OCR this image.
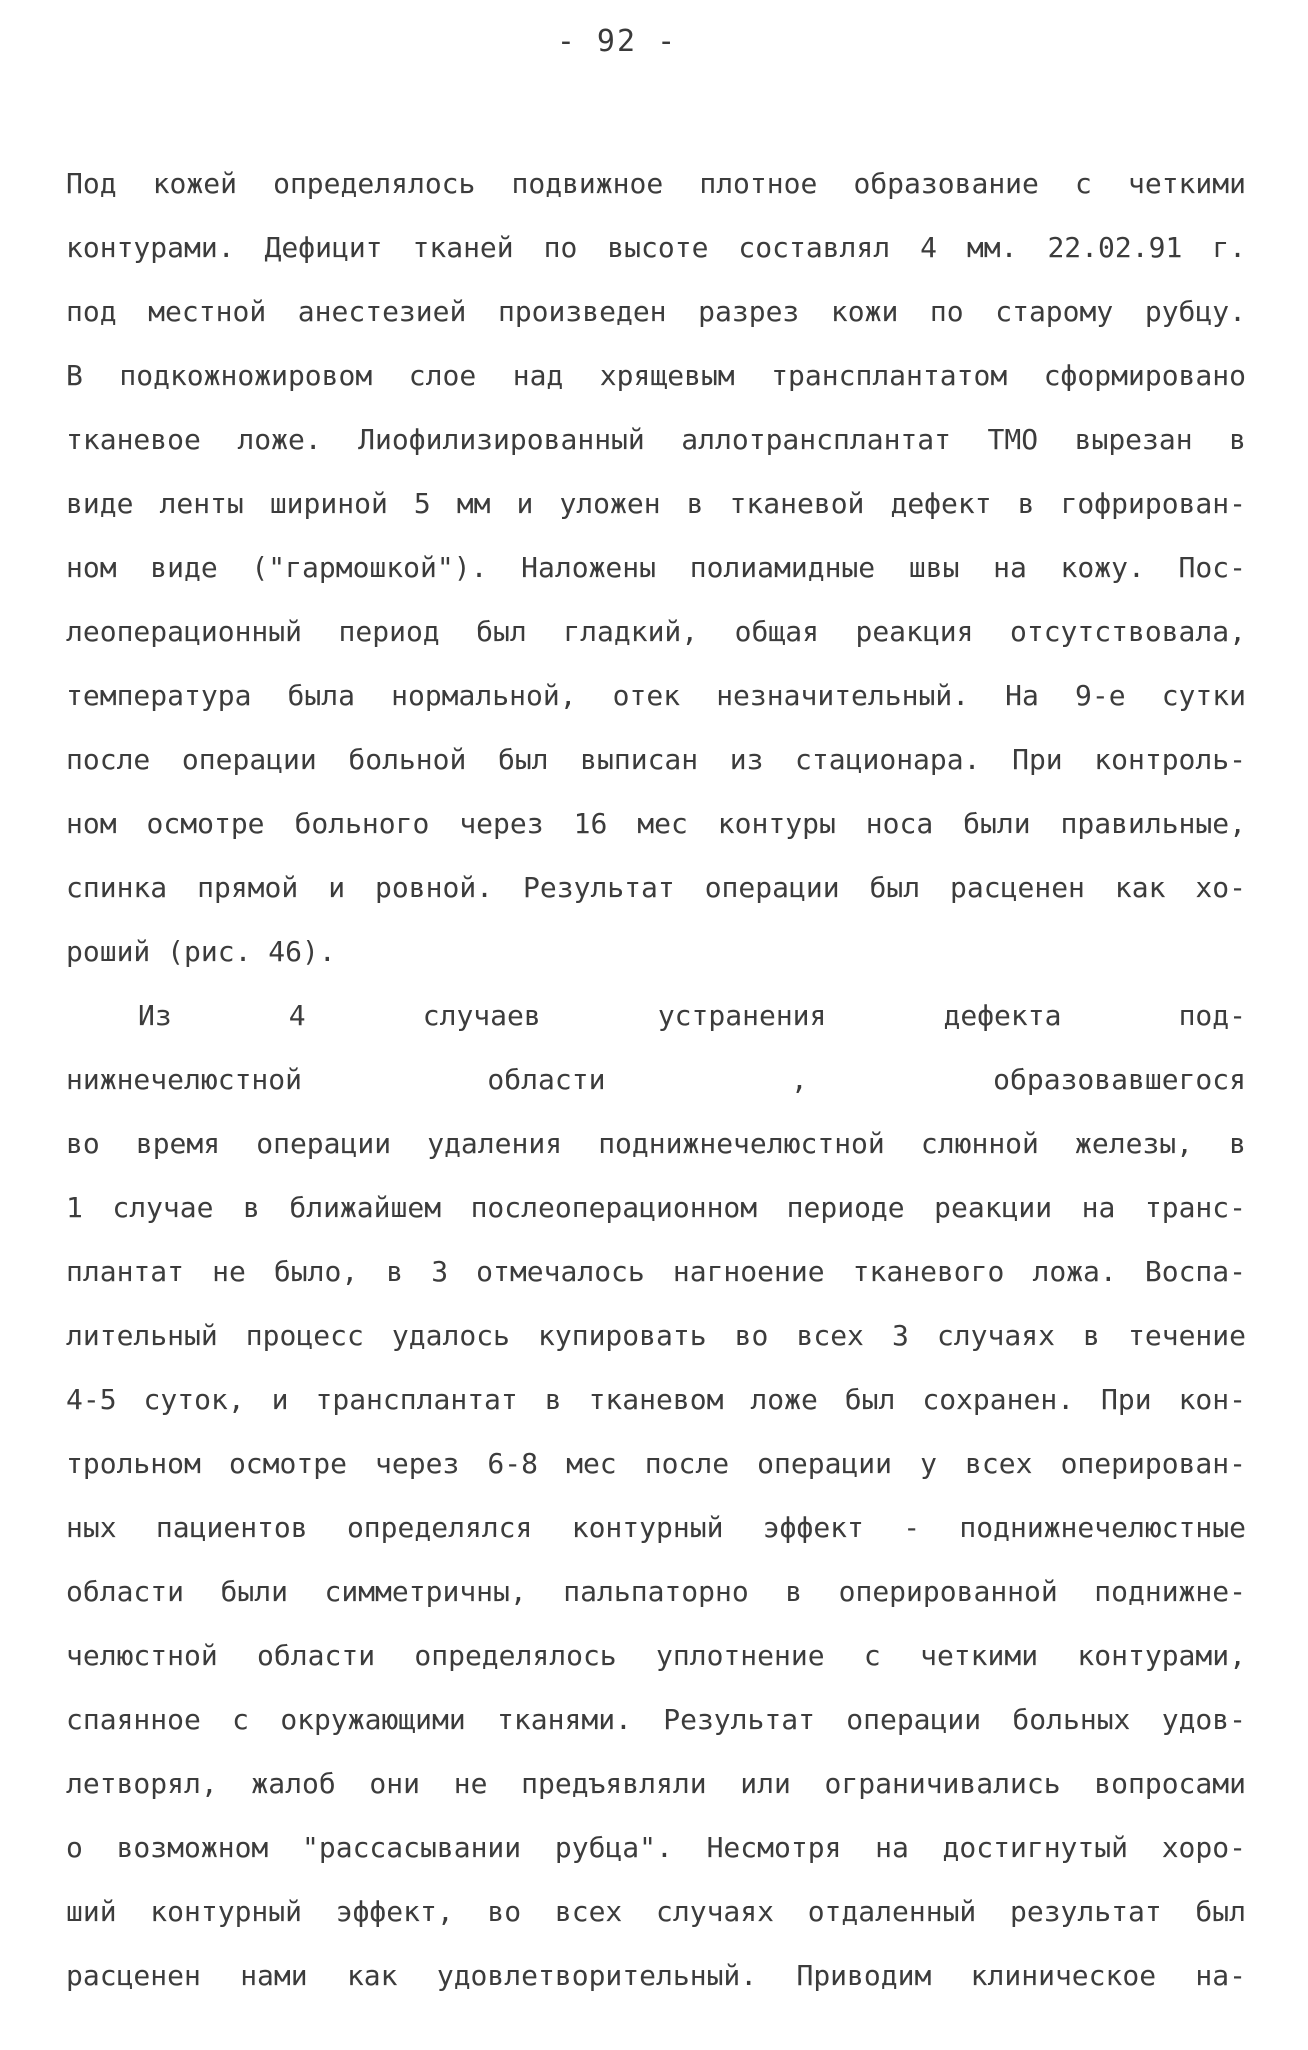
- 92 -
Под кожей определялось подвижное плотное образование с четкими
контурами. Дефицит тканей по высоте составлял 4 мм. 22.02.91 г.
под местной анестезией произведен разрез кожи по старому рубцу.
В подкожножировом слое над хрящевым трансплантатом сформировано
тканевое ложе. Лиофилизированный аллотрансплантат ТМО вырезан в
виде ленты шириной 5 мм и уложен в тканевой дефект в гофрирован-
ном виде ("гармошкой"). Наложены полиамидные швы на кожу. Пос-
леоперационный период был гладкий, общая реакция отсутствовала,
температура была нормальной, отек незначительный. На 9-е сутки
после операции больной был выписан из стационара. При контроль-
ном осмотре больного через 16 мес контуры носа были правильные,
спинка прямой и ровной. Результат операции был расценен как хо-
роший (рис. 46).
Из 4 случаев устранения дефекта под-
нижнечелюстной области , образовавшегося
во время операции удаления поднижнечелюстной слюнной железы, в
1 случае в ближайшем послеоперационном периоде реакции на транс-
плантат не было, в 3 отмечалось нагноение тканевого ложа. Воспа-
лительный процесс удалось купировать во всех 3 случаях в течение
4-5 суток, и трансплантат в тканевом ложе был сохранен. При кон-
трольном осмотре через 6-8 мес после операции у всех оперирован-
ных пациентов определялся контурный эффект - поднижнечелюстные
области были симметричны, пальпаторно в оперированной поднижне-
челюстной области определялось уплотнение с четкими контурами,
спаянное с окружающими тканями. Результат операции больных удов-
летворял, жалоб они не предъявляли или ограничивались вопросами
о возможном "рассасывании рубца". Несмотря на достигнутый хоро-
ший контурный эффект, во всех случаях отдаленный результат был
расценен нами как удовлетворительный. Приводим клиническое на-
